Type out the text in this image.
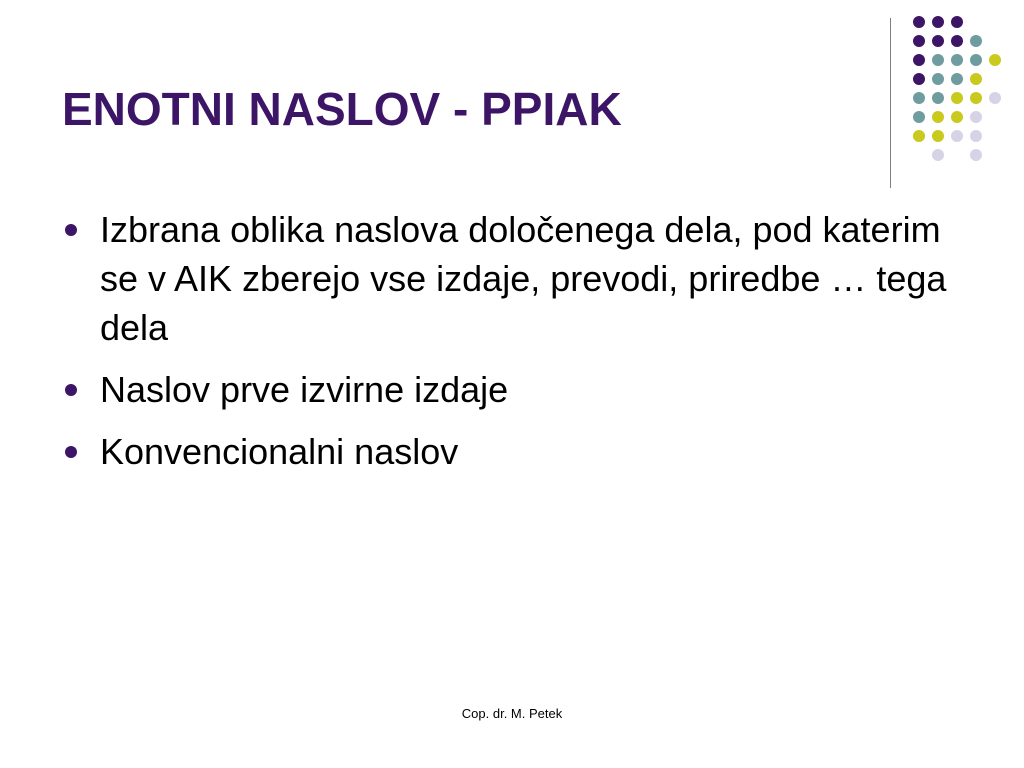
ENOTNI NASLOV - PPIAK
Izbrana oblika naslova določenega dela, pod katerim se v AIK zberejo vse izdaje, prevodi, priredbe … tega dela
Naslov prve izvirne izdaje
Konvencionalni naslov
Cop. dr. M. Petek
